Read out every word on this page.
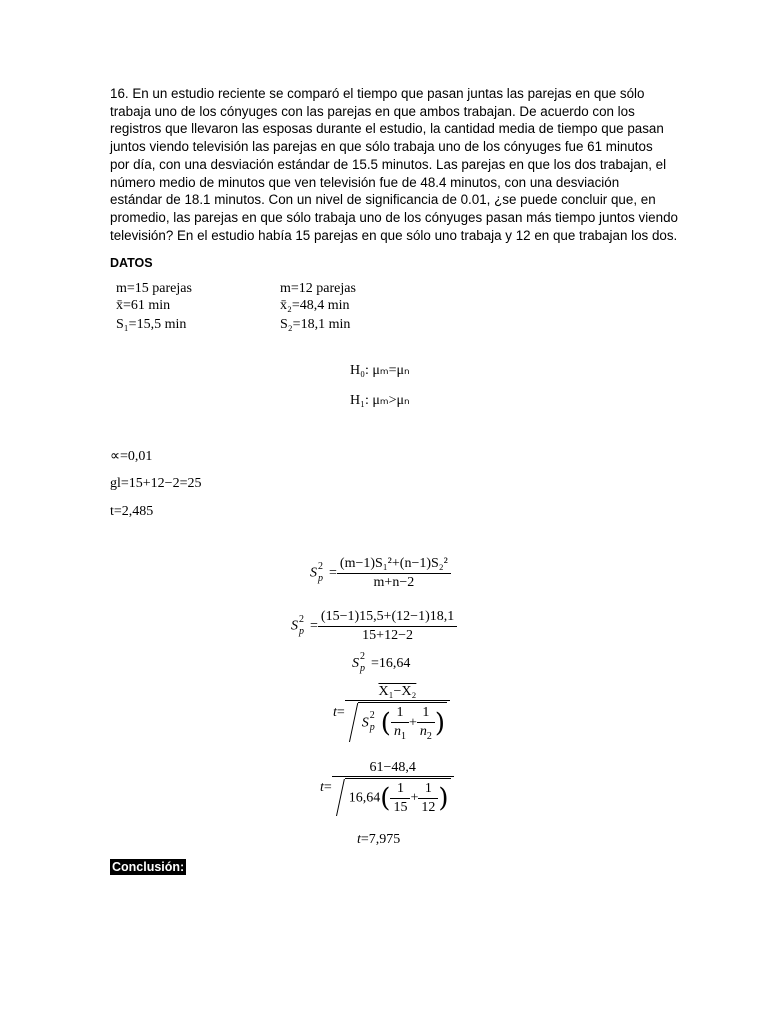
16. En un estudio reciente se comparó el tiempo que pasan juntas las parejas en que sólo

trabaja uno de los cónyuges con las parejas en que ambos trabajan. De acuerdo con los

registros que llevaron las esposas durante el estudio, la cantidad media de tiempo que pasan

juntos viendo televisión las parejas en que sólo trabaja uno de los cónyuges fue 61 minutos

por día, con una desviación estándar de 15.5 minutos. Las parejas en que los dos trabajan, el

número medio de minutos que ven televisión fue de 48.4 minutos, con una desviación

estándar de 18.1 minutos. Con un nivel de significancia de 0.01, ¿se puede concluir que, en

promedio, las parejas en que sólo trabaja uno de los cónyuges pasan más tiempo juntos viendo

televisión? En el estudio había 15 parejas en que sólo uno trabaja y 12 en que trabajan los dos.

DATOS
m=15 parejas
x̄=61 min
S₁=15,5 min
m=12 parejas
x̄₂=48,4 min
S₂=18,1 min
H₀: μₘ=μₙ
H₁: μₘ>μₙ
∝=0,01
gl=15+12−2=25
t=2,485
S 2
$p = \frac{\text{(m−1)S₁²+(n−1)S₂²}}{m+n-2}$
S 2
$p = \frac{(15-1)15,5+(12-1)18,1}{15+12-2}$
S 2
p =16,64
t= X₁−X₂
S 2
p ( $\frac{1}{n_1} + \frac{1}{n_2}$ )
$t= \frac{61-48,4}{16,64( \frac{1}{15} + \frac{1}{12} )}$
t=7,975
Conclusión:
